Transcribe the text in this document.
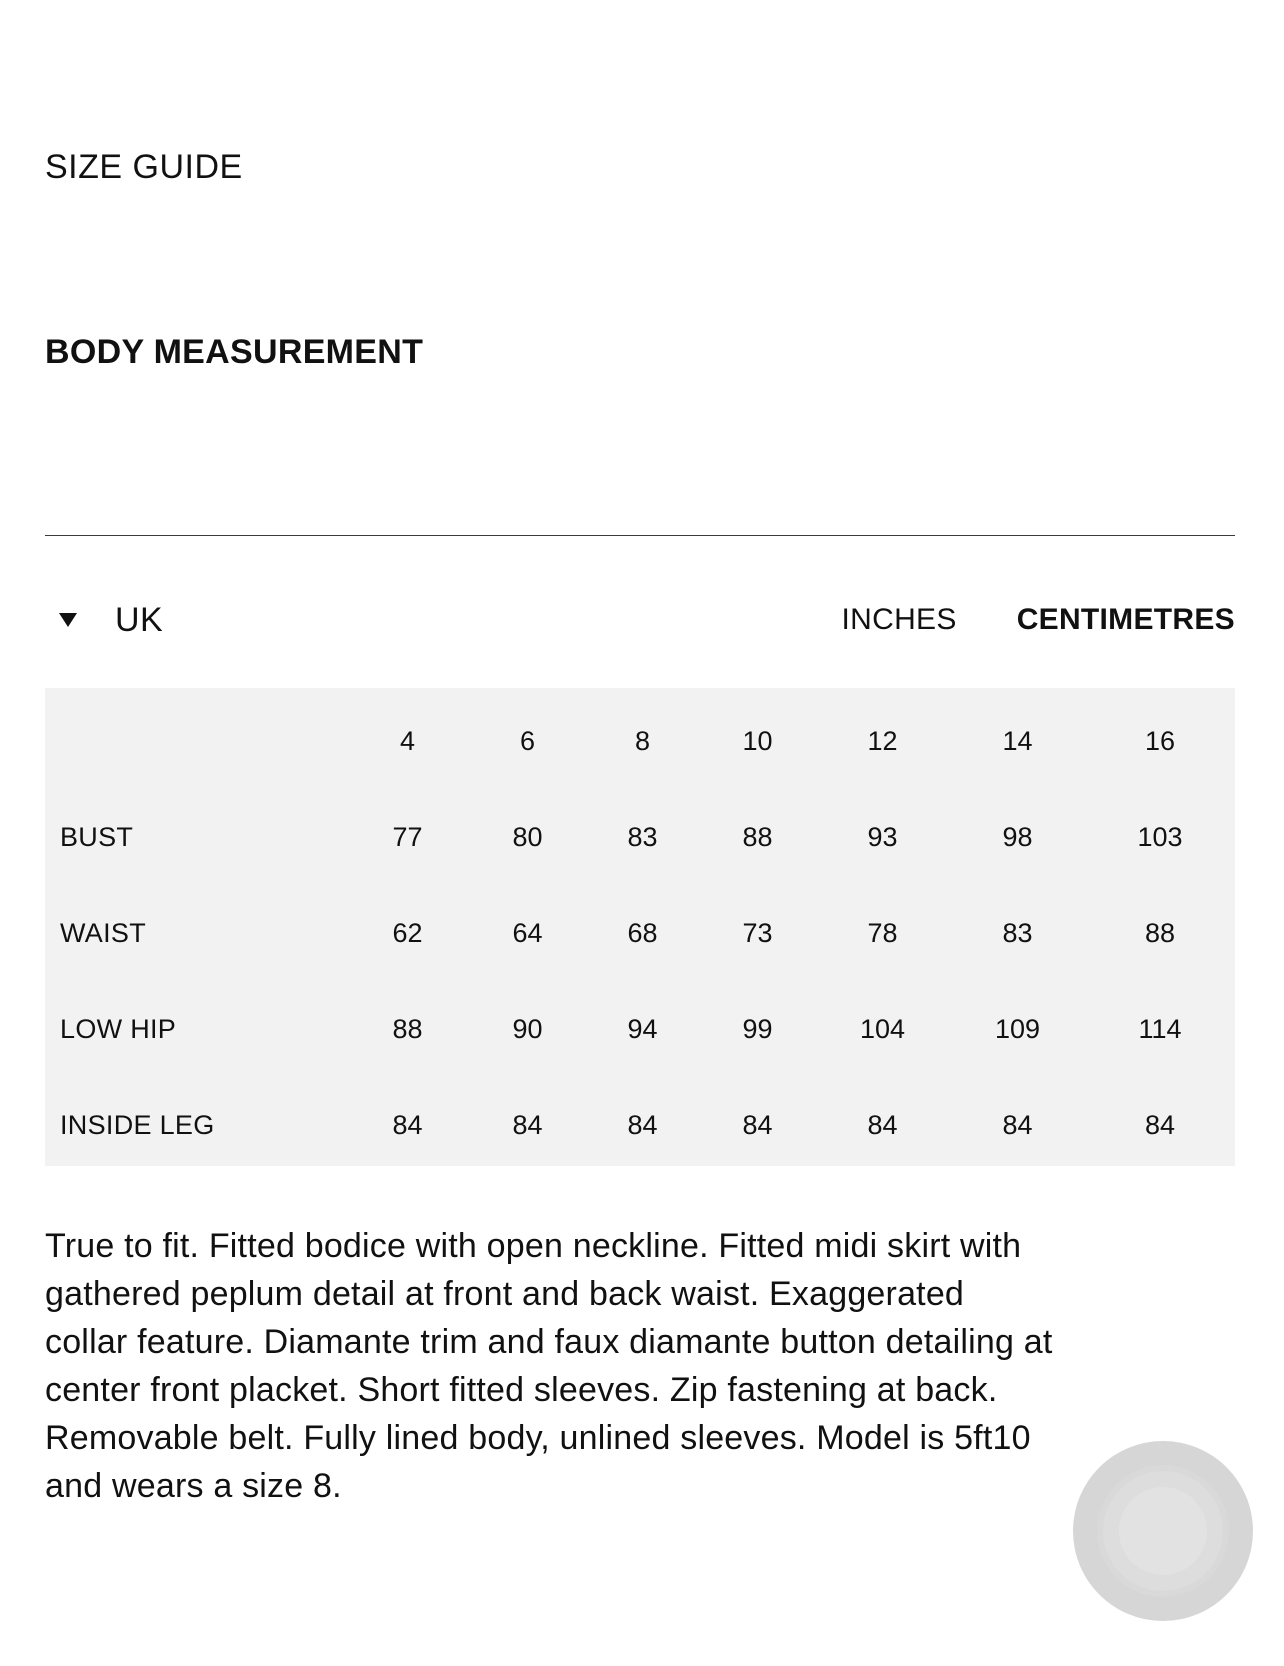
SIZE GUIDE
BODY MEASUREMENT
UK	INCHES CENTIMETRES
	4	6	8	10	12	14	16
BUST	77	80	83	88	93	98	103
WAIST	62	64	68	73	78	83	88
LOW HIP	88	90	94	99	104	109	114
INSIDE LEG	84	84	84	84	84	84	84
True to fit. Fitted bodice with open neckline. Fitted midi skirt with gathered peplum detail at front and back waist. Exaggerated collar feature. Diamante trim and faux diamante button detailing at center front placket. Short fitted sleeves. Zip fastening at back. Removable belt. Fully lined body, unlined sleeves. Model is 5ft10 and wears a size 8.
